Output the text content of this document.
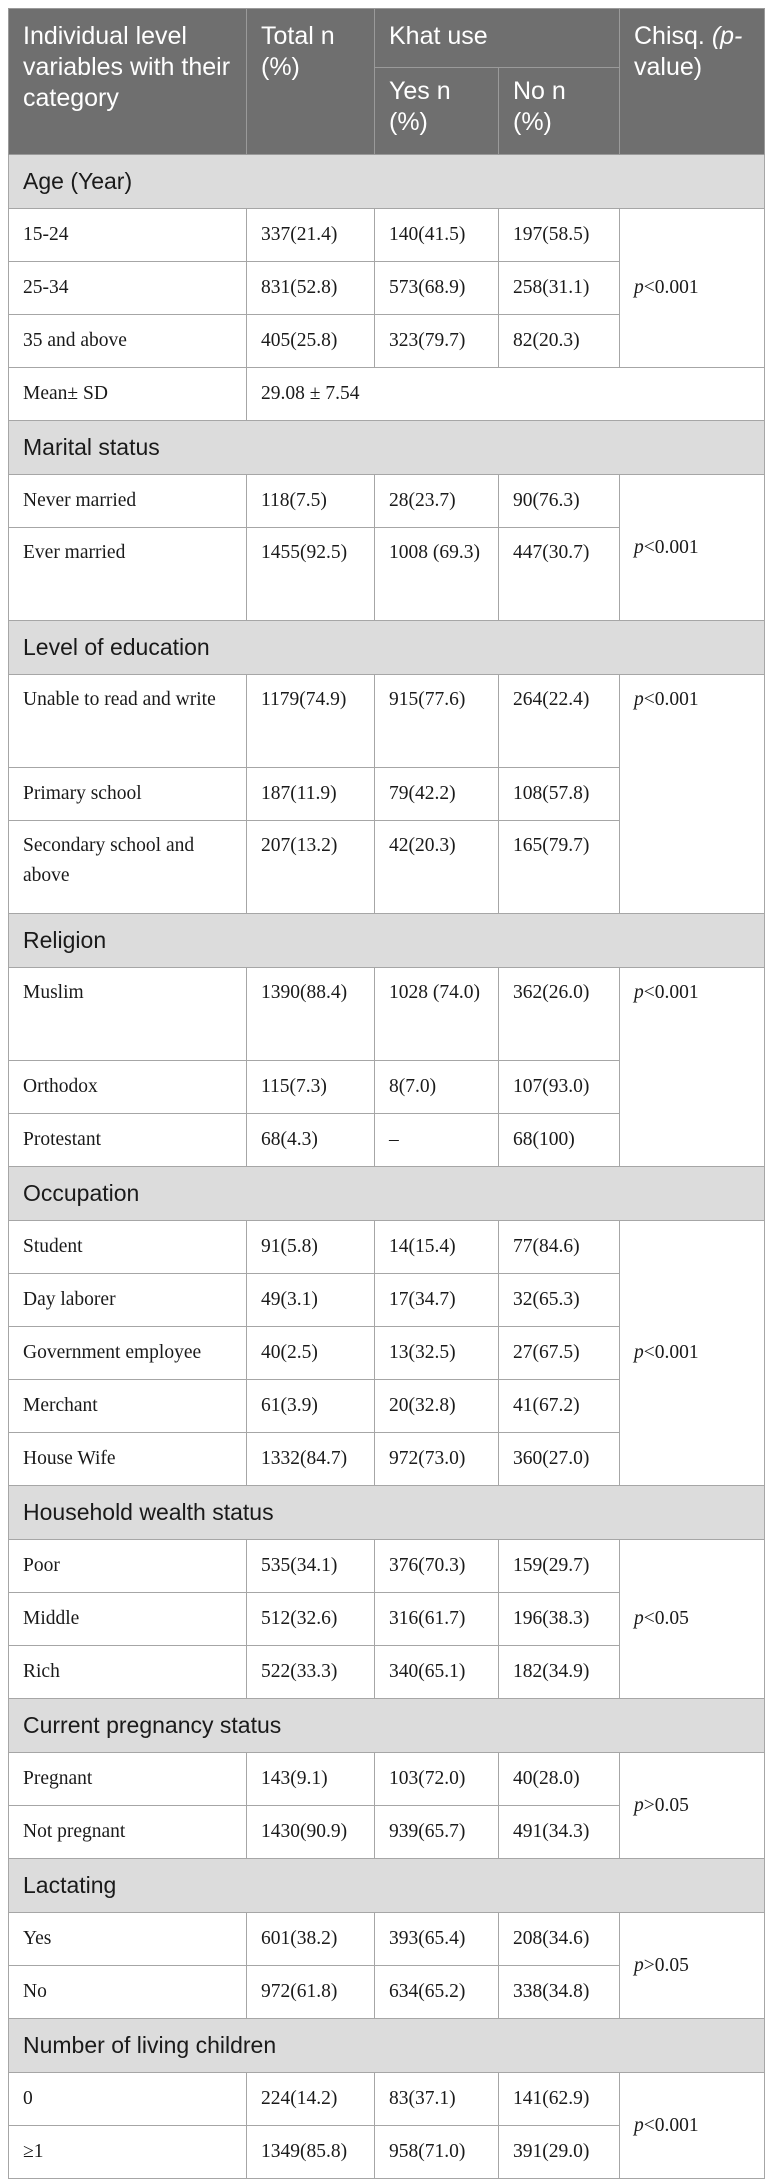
Individual level variables with their category	Total n (%)	Khat use		Chisq. (p-
value)
		Yes n (%)	No n (%)	
Age (Year)				
15-24	337(21.4)	140(41.5)	197(58.5)	p<0.001
25-34	831(52.8)	573(68.9)	258(31.1)	
35 and above	405(25.8)	323(79.7)	82(20.3)	
Mean± SD	29.08 ± 7.54			
Marital status				
Never married	118(7.5)	28(23.7)	90(76.3)	p<0.001
Ever married	1455(92.5)	1008 (69.3)	447(30.7)	
Level of education				
Unable to read and write	1179(74.9)	915(77.6)	264(22.4)	p<0.001
Primary school	187(11.9)	79(42.2)	108(57.8)	
Secondary school and above	207(13.2)	42(20.3)	165(79.7)	
Religion				
Muslim	1390(88.4)	1028 (74.0)	362(26.0)	p<0.001
Orthodox	115(7.3)	8(7.0)	107(93.0)	
Protestant	68(4.3)	–	68(100)	
Occupation				
Student	91(5.8)	14(15.4)	77(84.6)	p<0.001
Day laborer	49(3.1)	17(34.7)	32(65.3)	
Government employee	40(2.5)	13(32.5)	27(67.5)	
Merchant	61(3.9)	20(32.8)	41(67.2)	
House Wife	1332(84.7)	972(73.0)	360(27.0)	
Household wealth status				
Poor	535(34.1)	376(70.3)	159(29.7)	p<0.05
Middle	512(32.6)	316(61.7)	196(38.3)	
Rich	522(33.3)	340(65.1)	182(34.9)	
Current pregnancy status				
Pregnant	143(9.1)	103(72.0)	40(28.0)	p>0.05
Not pregnant	1430(90.9)	939(65.7)	491(34.3)	
Lactating				
Yes	601(38.2)	393(65.4)	208(34.6)	p>0.05
No	972(61.8)	634(65.2)	338(34.8)	
Number of living children				
0	224(14.2)	83(37.1)	141(62.9)	p<0.001
≥1	1349(85.8)	958(71.0)	391(29.0)	
